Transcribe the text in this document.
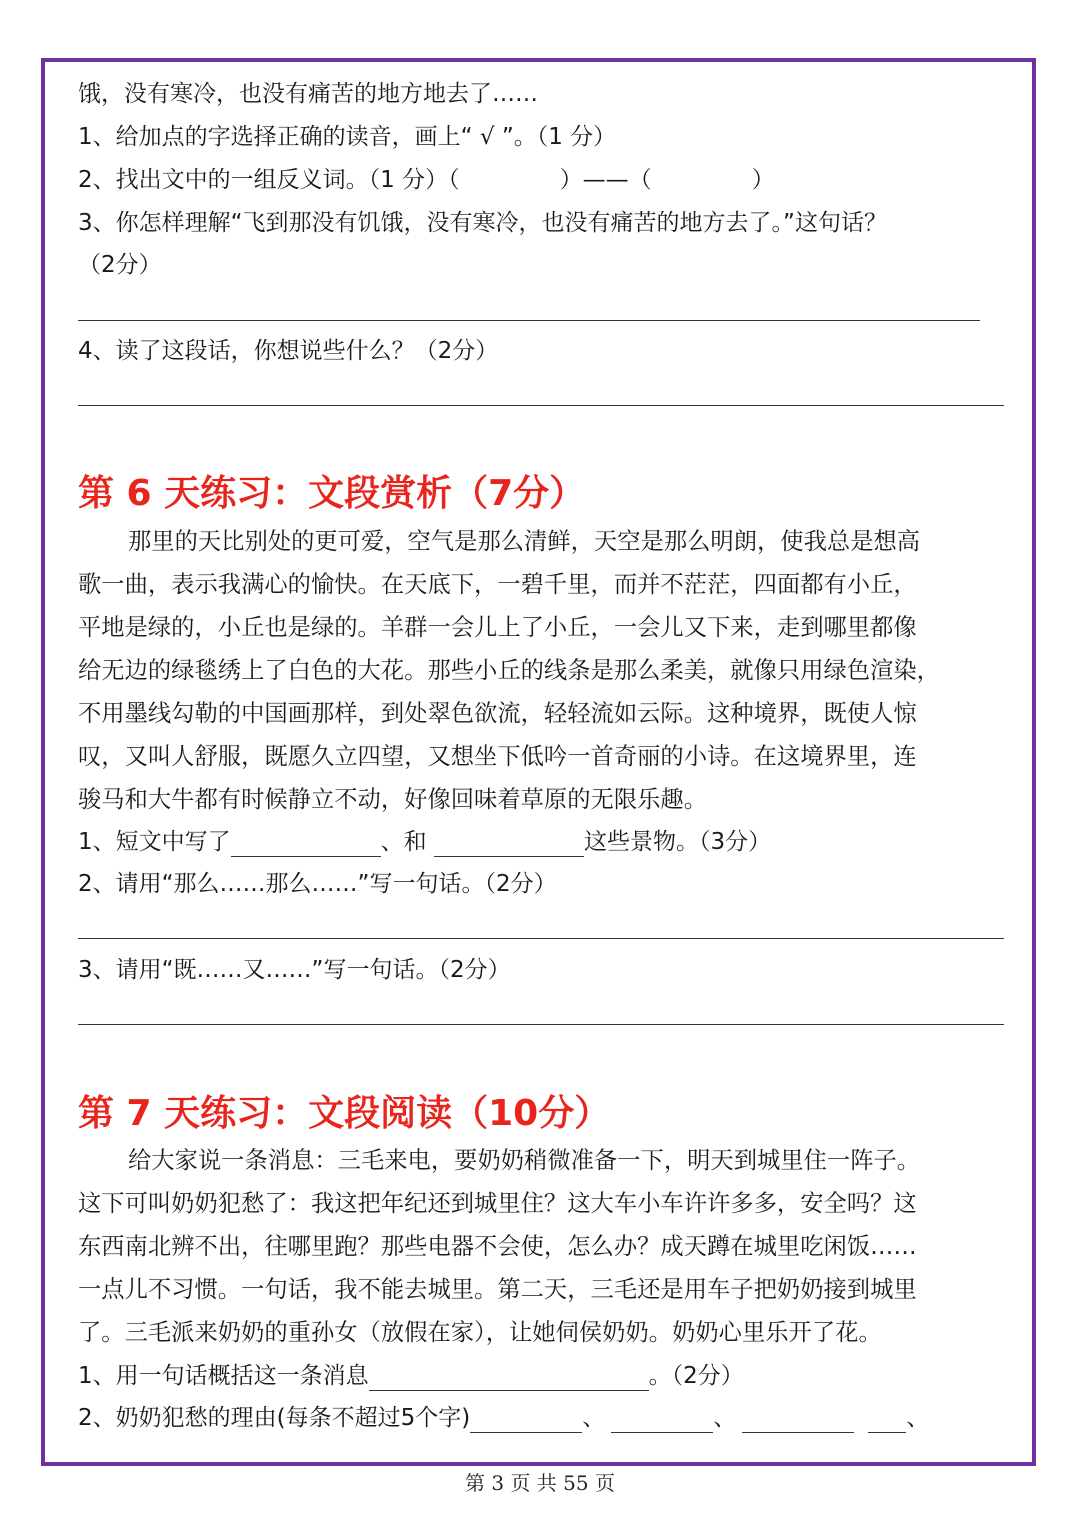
饿，没有寒冷，也没有痛苦的地方地去了……
1、给加点的字选择正确的读音，画上“ √ ”。（1 分）
2、找出文中的一组反义词。（1 分）（	）——（	）
3、你怎样理解“飞到那没有饥饿，没有寒冷，也没有痛苦的地方去了。”这句话？
（2分）
4、读了这段话，你想说些什么？（2分）
第 6 天练习：文段赏析（7分）

那里的天比别处的更可爱，空气是那么清鲜，天空是那么明朗，使我总是想高

歌一曲，表示我满心的愉快。在天底下，一碧千里，而并不茫茫，四面都有小丘，

平地是绿的，小丘也是绿的。羊群一会儿上了小丘，一会儿又下来，走到哪里都像

给无边的绿毯绣上了白色的大花。那些小丘的线条是那么柔美，就像只用绿色渲染，

不用墨线勾勒的中国画那样，到处翠色欲流，轻轻流如云际。这种境界，既使人惊

叹，又叫人舒服，既愿久立四望，又想坐下低吟一首奇丽的小诗。在这境界里，连

骏马和大牛都有时候静立不动，好像回味着草原的无限乐趣。

1、短文中写了	、和	这些景物。（3分）
2、请用“那么……那么……”写一句话。（2分）
3、请用“既……又……”写一句话。（2分）
第 7 天练习：文段阅读（10分）

给大家说一条消息：三毛来电，要奶奶稍微准备一下，明天到城里住一阵子。

这下可叫奶奶犯愁了：我这把年纪还到城里住？这大车小车许许多多，安全吗？这

东西南北辨不出，往哪里跑？那些电器不会使，怎么办？成天蹲在城里吃闲饭……

一点儿不习惯。一句话，我不能去城里。第二天，三毛还是用车子把奶奶接到城里

了。三毛派来奶奶的重孙女（放假在家），让她伺侯奶奶。奶奶心里乐开了花。

1、用一句话概括这一条消息	。（2分）
2、奶奶犯愁的理由(每条不超过5个字)	、	、	、
第 3 页 共 55 页
